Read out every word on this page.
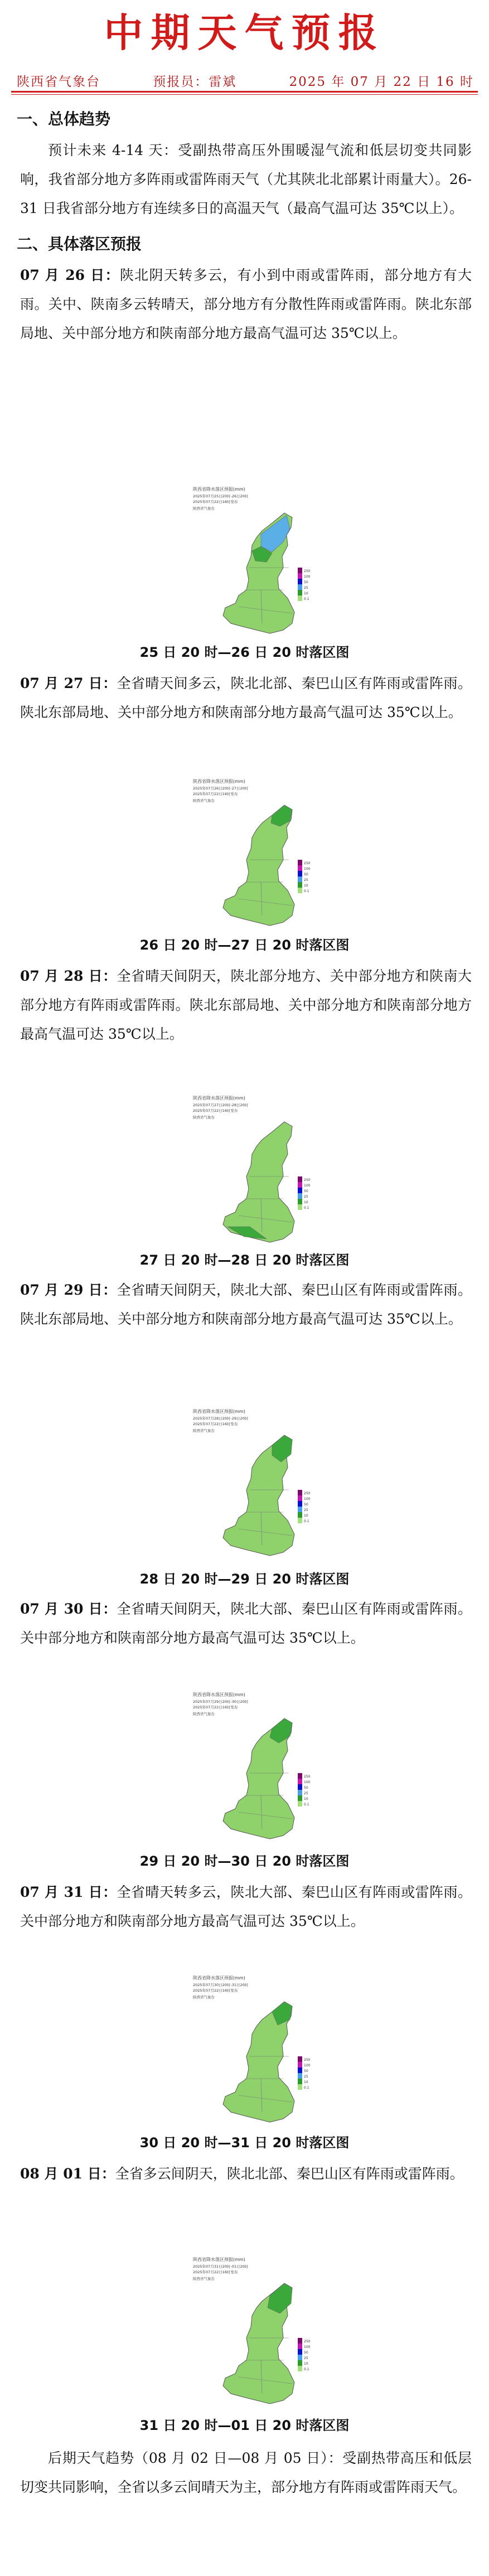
中期天气预报
陕西省气象台	预报员：雷斌	2025 年 07 月 22 日 16 时
一、总体趋势

预计未来 4-14 天：受副热带高压外围暖湿气流和低层切变共同影响，我省部分地方多阵雨或雷阵雨天气（尤其陕北北部累计雨量大）。26-31 日我省部分地方有连续多日的高温天气（最高气温可达 35℃以上）。

二、具体落区预报

07 月 26 日：陕北阴天转多云，有小到中雨或雷阵雨，部分地方有大雨。关中、陕南多云转晴天，部分地方有分散性阵雨或雷阵雨。陕北东部局地、关中部分地方和陕南部分地方最高气温可达 35℃以上。

陕西省降水落区预报(mm)
2025年07月25日20时-26日20时
2025年07月22日16时发布
陕西省气象台
250
100
50
25
10
0.1
25 日 20 时—26 日 20 时落区图

07 月 27 日：全省晴天间多云，陕北北部、秦巴山区有阵雨或雷阵雨。陕北东部局地、关中部分地方和陕南部分地方最高气温可达 35℃以上。

陕西省降水落区预报(mm)
2025年07月26日20时-27日20时
2025年07月22日16时发布
陕西省气象台
250
100
50
25
10
0.1
26 日 20 时—27 日 20 时落区图

07 月 28 日：全省晴天间阴天，陕北部分地方、关中部分地方和陕南大部分地方有阵雨或雷阵雨。陕北东部局地、关中部分地方和陕南部分地方最高气温可达 35℃以上。

陕西省降水落区预报(mm)
2025年07月27日20时-28日20时
2025年07月22日16时发布
陕西省气象台
250
100
50
25
10
0.1
27 日 20 时—28 日 20 时落区图

07 月 29 日：全省晴天间阴天，陕北大部、秦巴山区有阵雨或雷阵雨。陕北东部局地、关中部分地方和陕南部分地方最高气温可达 35℃以上。

陕西省降水落区预报(mm)
2025年07月28日20时-29日20时
2025年07月22日16时发布
陕西省气象台
250
100
50
25
10
0.1
28 日 20 时—29 日 20 时落区图

07 月 30 日：全省晴天间阴天，陕北大部、秦巴山区有阵雨或雷阵雨。关中部分地方和陕南部分地方最高气温可达 35℃以上。

陕西省降水落区预报(mm)
2025年07月29日20时-30日20时
2025年07月22日16时发布
陕西省气象台
250
100
50
25
10
0.1
29 日 20 时—30 日 20 时落区图

07 月 31 日：全省晴天转多云，陕北大部、秦巴山区有阵雨或雷阵雨。关中部分地方和陕南部分地方最高气温可达 35℃以上。

陕西省降水落区预报(mm)
2025年07月30日20时-31日20时
2025年07月22日16时发布
陕西省气象台
250
100
50
25
10
0.1
30 日 20 时—31 日 20 时落区图

08 月 01 日：全省多云间阴天，陕北北部、秦巴山区有阵雨或雷阵雨。

陕西省降水落区预报(mm)
2025年07月31日20时-01日20时
2025年07月22日16时发布
陕西省气象台
250
100
50
25
10
0.1
31 日 20 时—01 日 20 时落区图

后期天气趋势（08 月 02 日—08 月 05 日）：受副热带高压和低层切变共同影响，全省以多云间晴天为主，部分地方有阵雨或雷阵雨天气。
